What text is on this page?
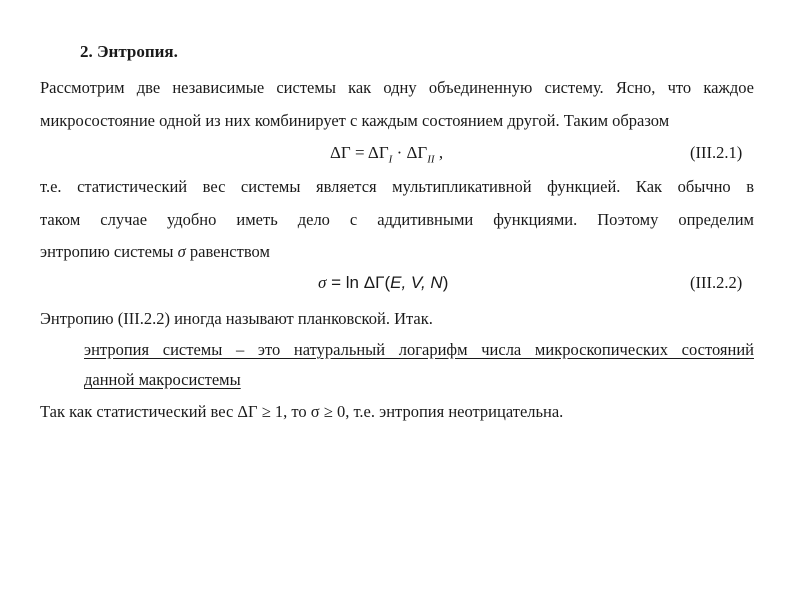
2. Энтропия.
Рассмотрим две независимые системы как одну объединенную систему. Ясно, что каждое
микросостояние одной из них комбинирует с каждым состоянием другой. Таким образом
$\Delta\Gamma = \Delta\Gamma_I \cdot \Delta\Gamma_{II}$ ,	(III.2.1)
т.е. статистический вес системы является мультипликативной функцией. Как обычно в
таком случае удобно иметь дело с аддитивными функциями. Поэтому определим
энтропию системы σ равенством
σ = ln ΔΓ(E, V, N)	(III.2.2)
Энтропию (III.2.2) иногда называют планковской. Итак.
энтропия системы – это натуральный логарифм числа микроскопических состояний
данной макросистемы
Так как статистический вес ΔΓ ≥ 1, то σ ≥ 0, т.е. энтропия неотрицательна.
